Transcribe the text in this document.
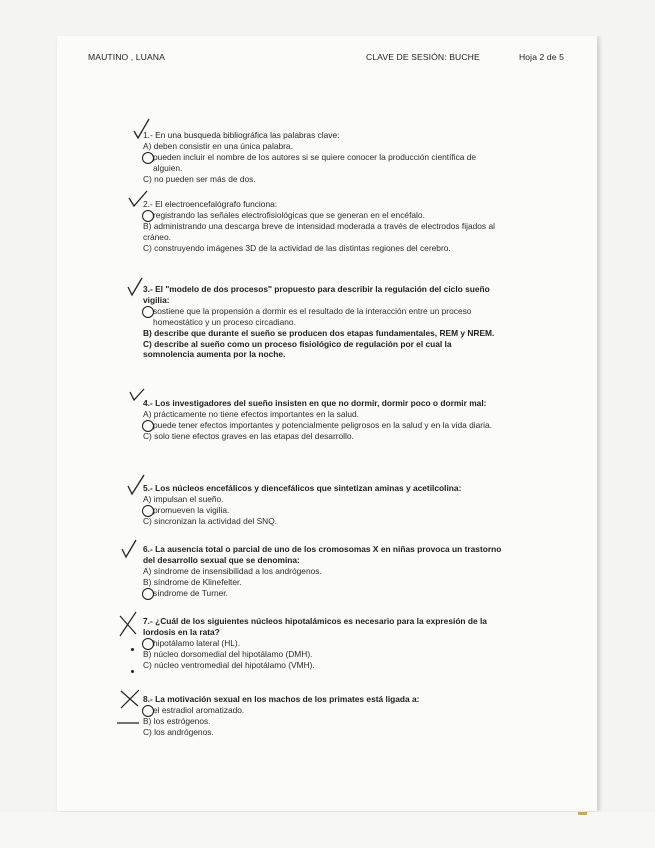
MAUTINO , LUANA	CLAVE DE SESIÓN: BUCHE	Hoja 2 de 5

1.- En una busqueda bibliográfica las palabras clave:

A) deben consistir en una única palabra.

pueden incluir el nombre de los autores si se quiere conocer la producción científica de alguien.

C) no pueden ser más de dos.

2.- El electroencefalógrafo funciona:

registrando las señales electrofisiológicas que se generan en el encéfalo.

B) administrando una descarga breve de intensidad moderada a través de electrodos fijados al cráneo.

C) construyendo imágenes 3D de la actividad de las distintas regiones del cerebro.

3.- El "modelo de dos procesos" propuesto para describir la regulación del ciclo sueño vigilia:

sostiene que la propensión a dormir es el resultado de la interacción entre un proceso homeostático y un proceso circadiano.

B) describe que durante el sueño se producen dos etapas fundamentales, REM y NREM.

C) describe al sueño como un proceso fisiológico de regulación por el cual la somnolencia aumenta por la noche.

4.- Los investigadores del sueño insisten en que no dormir, dormir poco o dormir mal:

A) prácticamente no tiene efectos importantes en la salud.

puede tener efectos importantes y potencialmente peligrosos en la salud y en la vida diaria.

C) solo tiene efectos graves en las etapas del desarrollo.

5.- Los núcleos encefálicos y diencefálicos que sintetizan aminas y acetilcolina:

A) impulsan el sueño.

promueven la vigilia.

C) sincronizan la actividad del SNQ.

6.- La ausencia total o parcial de uno de los cromosomas X en niñas provoca un trastorno del desarrollo sexual que se denomina:

A) síndrome de insensibilidad a los andrógenos.

B) síndrome de Klinefelter.

síndrome de Turner.

7.- ¿Cuál de los siguientes núcleos hipotalámicos es necesario para la expresión de la lordosis en la rata?

hipotálamo lateral (HL).

B) núcleo dorsomedial del hipotálamo (DMH).

C) núcleo ventromedial del hipotálamo (VMH).

8.- La motivación sexual en los machos de los primates está ligada a:

el estradiol aromatizado.

B) los estrógenos.

C) los andrógenos.
